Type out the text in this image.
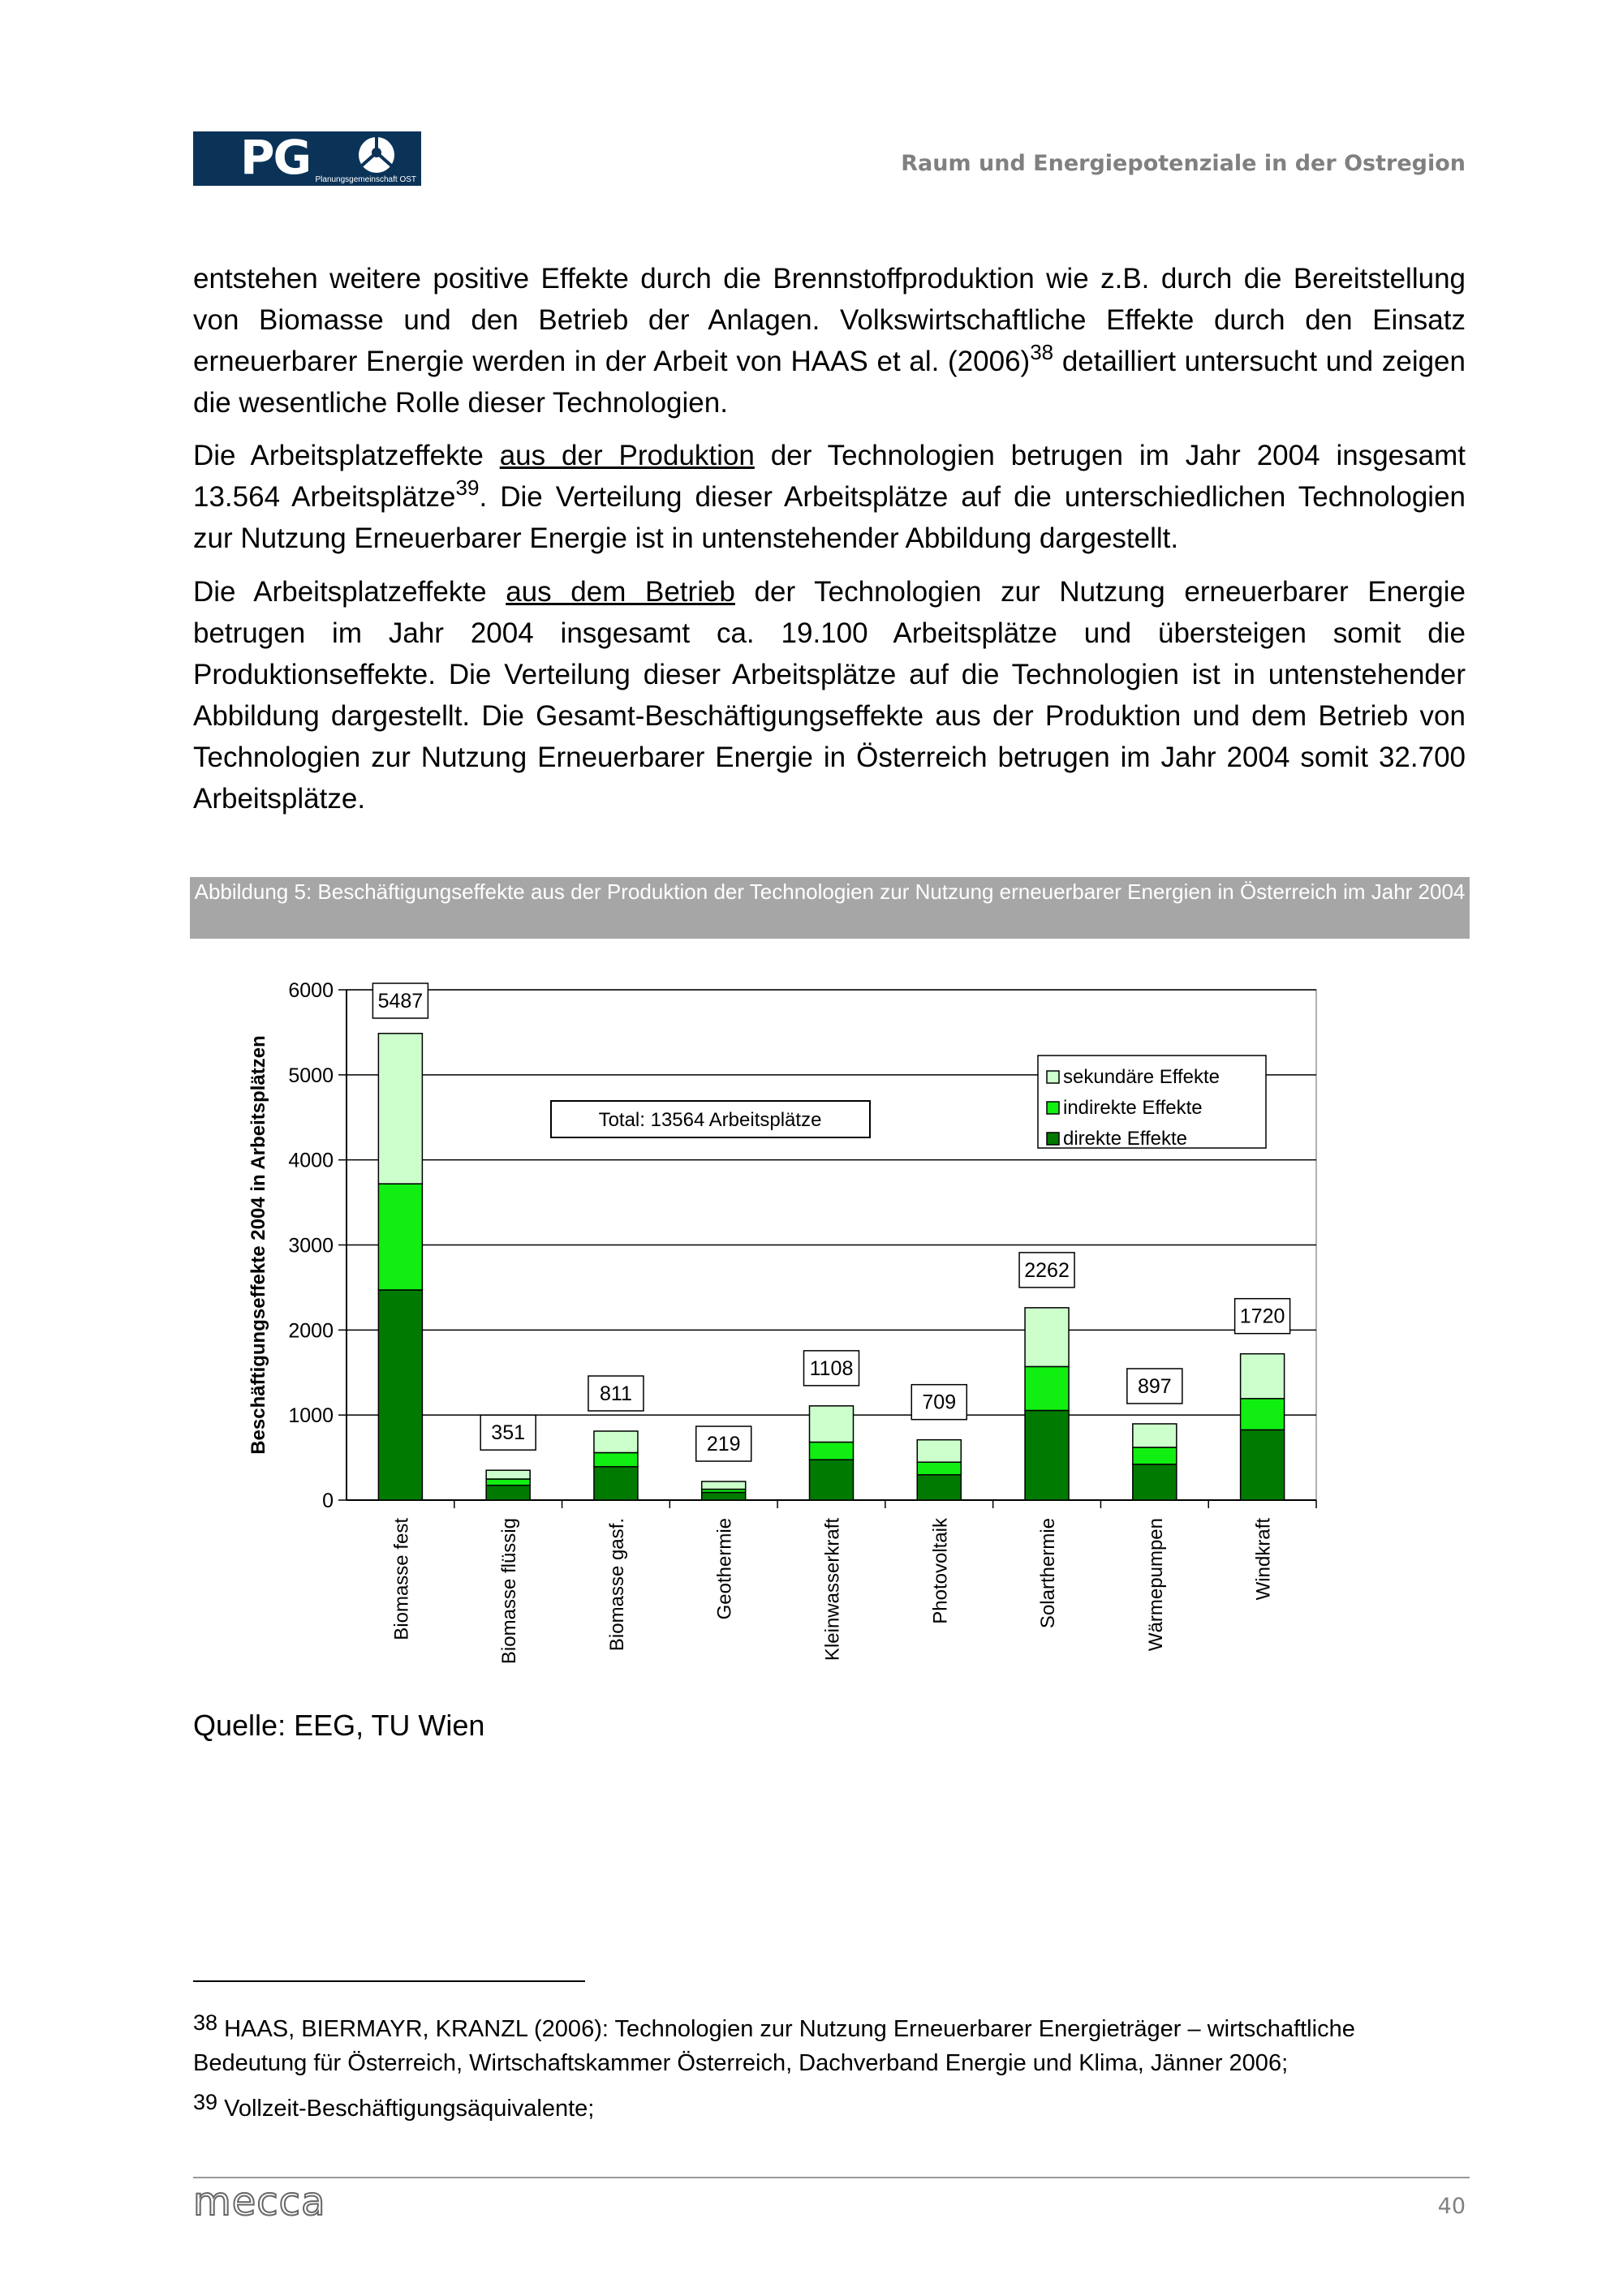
PG Planungsgemeinschaft OST
Raum und Energiepotenziale in der Ostregion

entstehen weitere positive Effekte durch die Brennstoffproduktion wie z.B. durch die Bereitstellung von Biomasse und den Betrieb der Anlagen. Volkswirtschaftliche Effekte durch den Einsatz erneuerbarer Energie werden in der Arbeit von HAAS et al. $(2006)^{38}$ detailliert untersucht und zeigen die wesentliche Rolle dieser Technologien.

Die Arbeitsplatzeffekte aus der Produktion der Technologien betrugen im Jahr 2004 insgesamt 13.564 Arbeitsplätze$^{39}$. Die Verteilung dieser Arbeitsplätze auf die unterschiedlichen Technologien zur Nutzung Erneuerbarer Energie ist in untenstehender Abbildung dargestellt.

Die Arbeitsplatzeffekte aus dem Betrieb der Technologien zur Nutzung erneuerbarer Energie betrugen im Jahr 2004 insgesamt ca. 19.100 Arbeitsplätze und übersteigen somit die Produktionseffekte. Die Verteilung dieser Arbeitsplätze auf die Technologien ist in untenstehender Abbildung dargestellt. Die Gesamt-Beschäftigungseffekte aus der Produktion und dem Betrieb von Technologien zur Nutzung Erneuerbarer Energie in Österreich betrugen im Jahr 2004 somit 32.700 Arbeitsplätze.

Abbildung 5: Beschäftigungseffekte aus der Produktion der Technologien zur Nutzung erneuerbarer Energien in Österreich im Jahr 2004
0
1000
2000
3000
4000
5000
6000
Beschäftigungseffekte 2004 in Arbeitsplätzen
5487
Biomasse fest
351
Biomasse flüssig
811
Biomasse gasf.
219
Geothermie
1108
Kleinwasserkraft
709
Photovoltaik
2262
Solarthermie
897
Wärmepumpen
1720
Windkraft
Total: 13564 Arbeitsplätze
sekundäre Effekte
indirekte Effekte
direkte Effekte
Quelle: EEG, TU Wien
$^{38}$ HAAS, BIERMAYR, KRANZL (2006): Technologien zur Nutzung Erneuerbarer Energieträger – wirtschaftliche Bedeutung für Österreich, Wirtschaftskammer Österreich, Dachverband Energie und Klima, Jänner 2006;
$^{39}$ Vollzeit-Beschäftigungsäquivalente;
mecca	40
